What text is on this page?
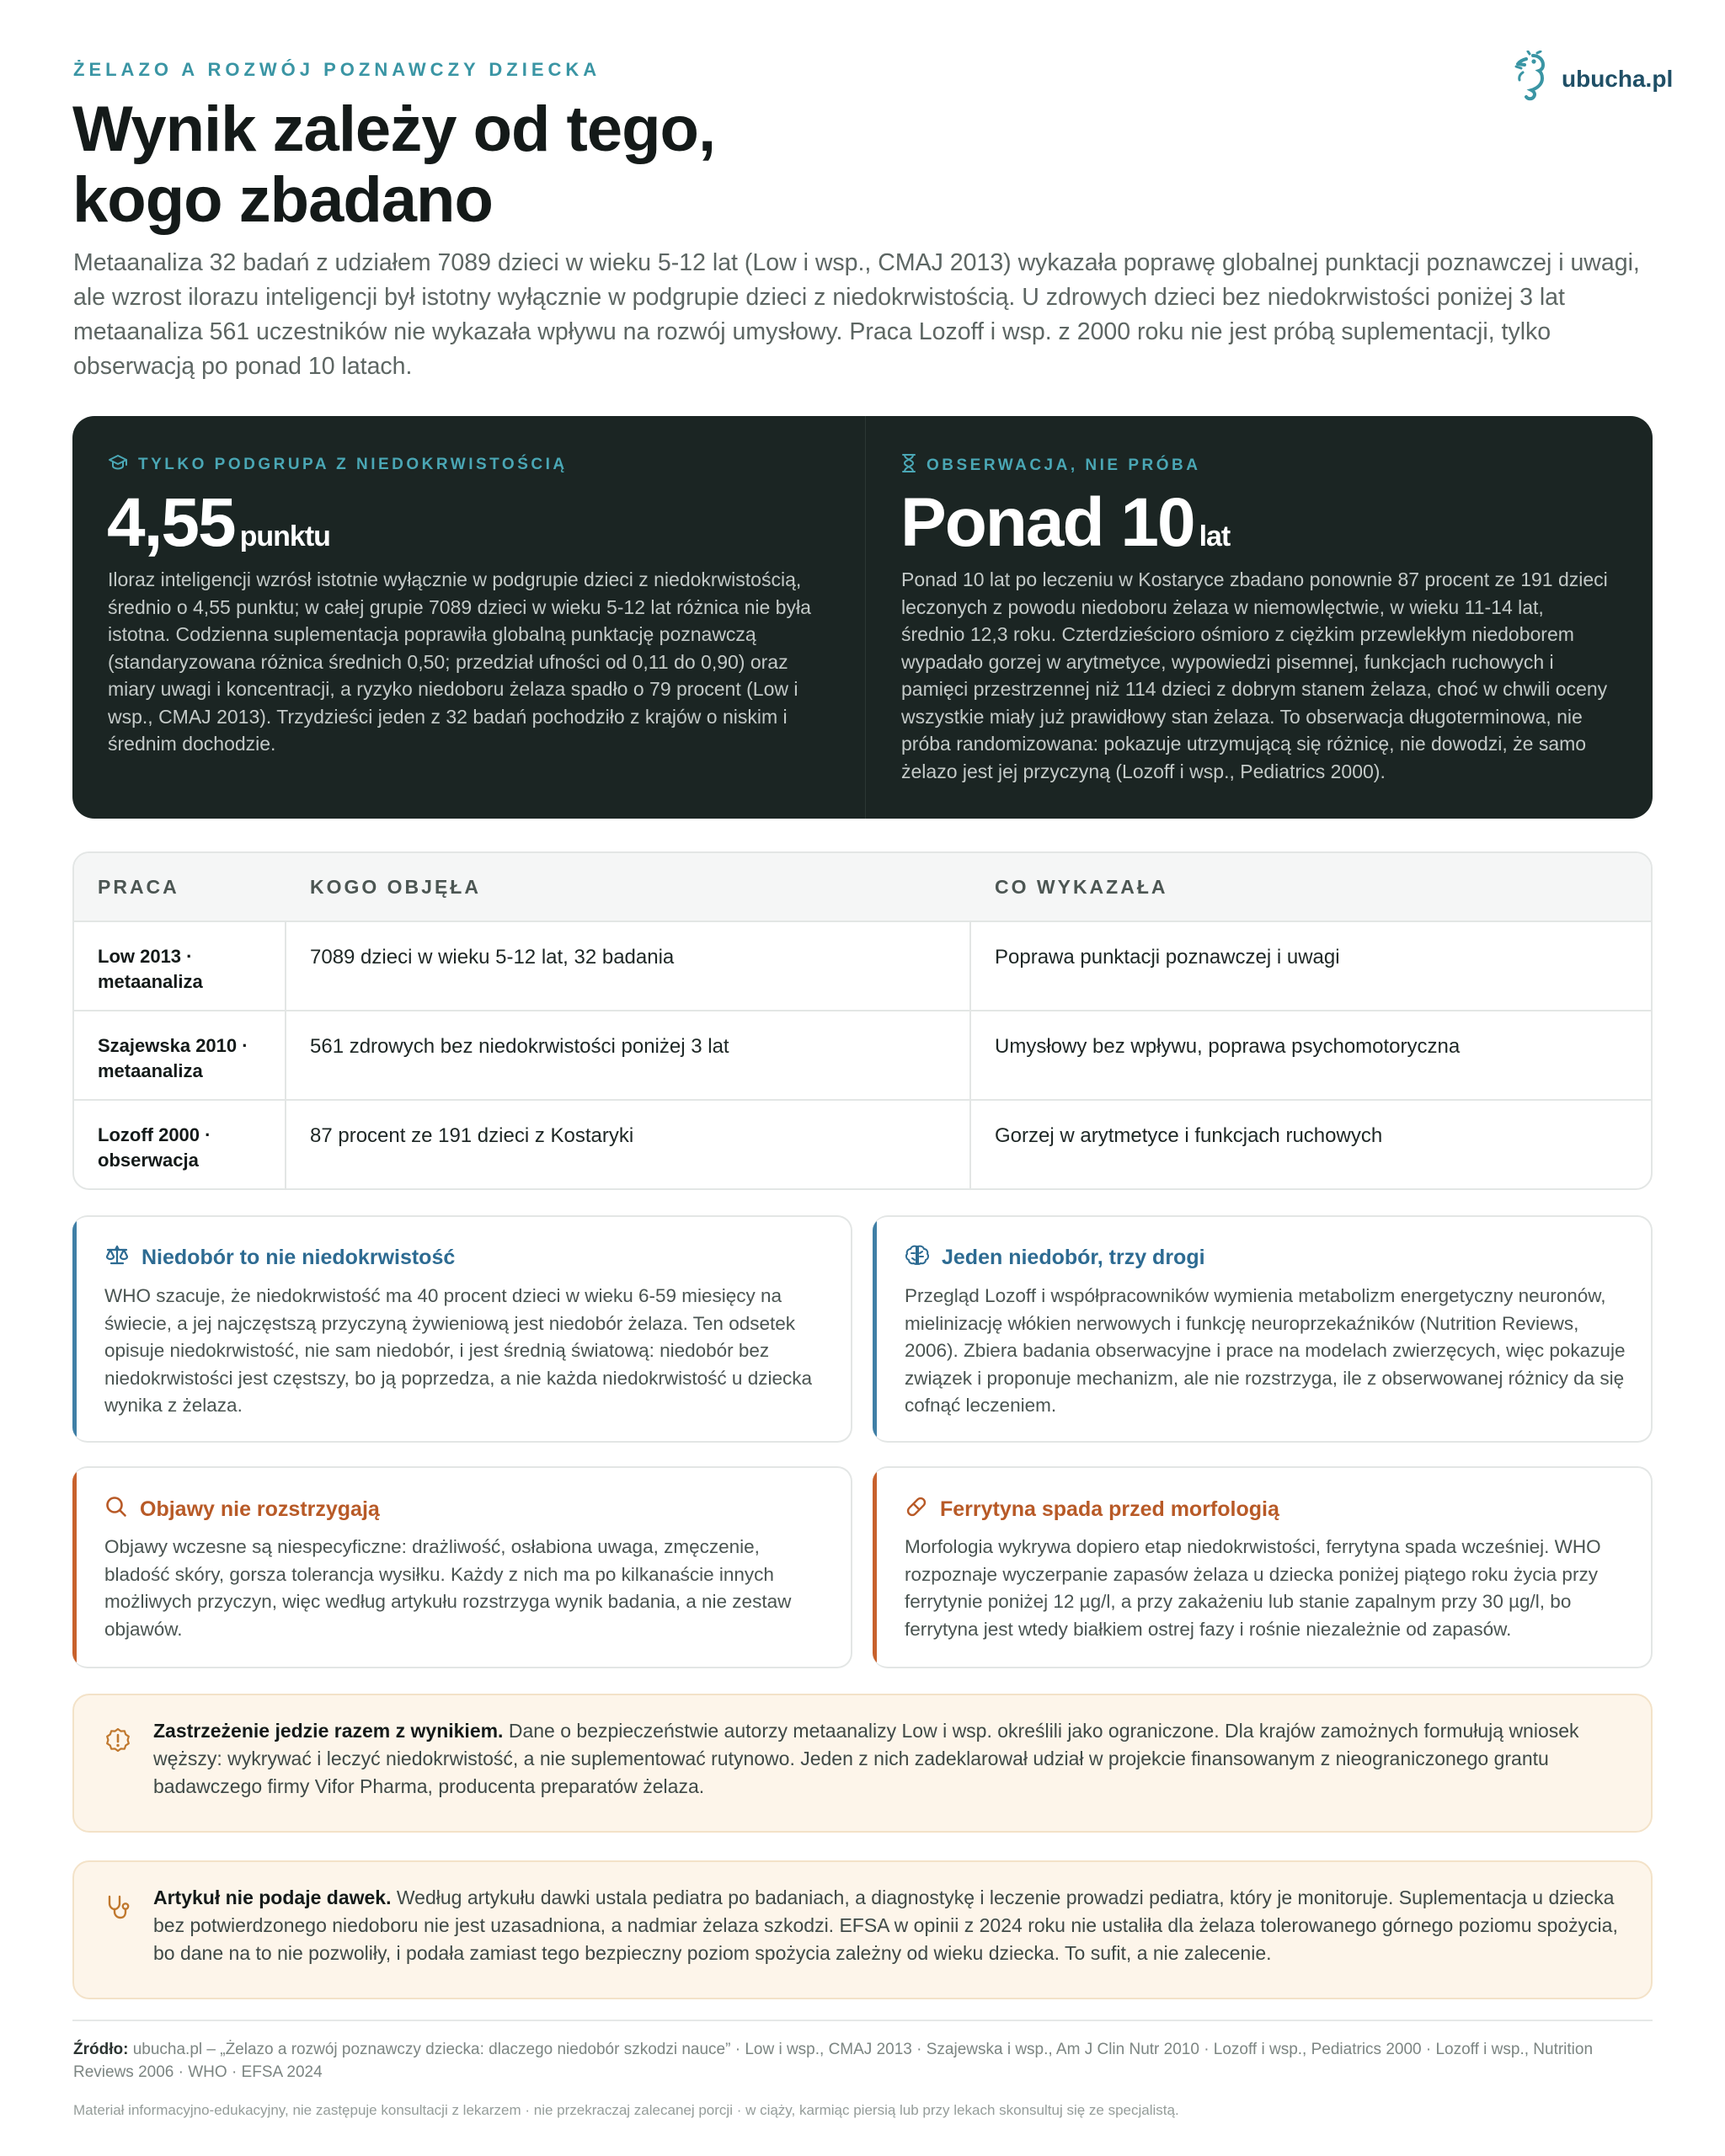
ŻELAZO A ROZWÓJ POZNAWCZY DZIECKA	ubucha.pl
Wynik zależy od tego,
kogo zbadano

Metaanaliza 32 badań z udziałem 7089 dzieci w wieku 5-12 lat (Low i wsp., CMAJ 2013) wykazała poprawę globalnej punktacji poznawczej i uwagi, ale wzrost ilorazu inteligencji był istotny wyłącznie w podgrupie dzieci z niedokrwistością. U zdrowych dzieci bez niedokrwistości poniżej 3 lat metaanaliza 561 uczestników nie wykazała wpływu na rozwój umysłowy. Praca Lozoff i wsp. z 2000 roku nie jest próbą suplementacji, tylko obserwacją po ponad 10 latach.

TYLKO PODGRUPA Z NIEDOKRWISTOŚCIĄ
4,55 punktu

Iloraz inteligencji wzrósł istotnie wyłącznie w podgrupie dzieci z niedokrwistością, średnio o 4,55 punktu; w całej grupie 7089 dzieci w wieku 5-12 lat różnica nie była istotna. Codzienna suplementacja poprawiła globalną punktację poznawczą (standaryzowana różnica średnich 0,50; przedział ufności od 0,11 do 0,90) oraz miary uwagi i koncentracji, a ryzyko niedoboru żelaza spadło o 79 procent (Low i wsp., CMAJ 2013). Trzydzieści jeden z 32 badań pochodziło z krajów o niskim i średnim dochodzie.

OBSERWACJA, NIE PRÓBA
Ponad 10 lat

Ponad 10 lat po leczeniu w Kostaryce zbadano ponownie 87 procent ze 191 dzieci leczonych z powodu niedoboru żelaza w niemowlęctwie, w wieku 11-14 lat, średnio 12,3 roku. Czterdzieścioro ośmioro z ciężkim przewlekłym niedoborem wypadało gorzej w arytmetyce, wypowiedzi pisemnej, funkcjach ruchowych i pamięci przestrzennej niż 114 dzieci z dobrym stanem żelaza, choć w chwili oceny wszystkie miały już prawidłowy stan żelaza. To obserwacja długoterminowa, nie próba randomizowana: pokazuje utrzymującą się różnicę, nie dowodzi, że samo żelazo jest jej przyczyną (Lozoff i wsp., Pediatrics 2000).

PRACA	KOGO OBJĘŁA	CO WYKAZAŁA
Low 2013 ·
metaanaliza
7089 dzieci w wieku 5-12 lat, 32 badania	Poprawa punktacji poznawczej i uwagi
Szajewska 2010 ·
metaanaliza
561 zdrowych bez niedokrwistości poniżej 3 lat	Umysłowy bez wpływu, poprawa psychomotoryczna
Lozoff 2000 ·
obserwacja
87 procent ze 191 dzieci z Kostaryki	Gorzej w arytmetyce i funkcjach ruchowych
Niedobór to nie niedokrwistość

WHO szacuje, że niedokrwistość ma 40 procent dzieci w wieku 6-59 miesięcy na świecie, a jej najczęstszą przyczyną żywieniową jest niedobór żelaza. Ten odsetek opisuje niedokrwistość, nie sam niedobór, i jest średnią światową: niedobór bez niedokrwistości jest częstszy, bo ją poprzedza, a nie każda niedokrwistość u dziecka wynika z żelaza.

Jeden niedobór, trzy drogi

Przegląd Lozoff i współpracowników wymienia metabolizm energetyczny neuronów, mielinizację włókien nerwowych i funkcję neuroprzekaźników (Nutrition Reviews, 2006). Zbiera badania obserwacyjne i prace na modelach zwierzęcych, więc pokazuje związek i proponuje mechanizm, ale nie rozstrzyga, ile z obserwowanej różnicy da się cofnąć leczeniem.

Objawy nie rozstrzygają

Objawy wczesne są niespecyficzne: drażliwość, osłabiona uwaga, zmęczenie, bladość skóry, gorsza tolerancja wysiłku. Każdy z nich ma po kilkanaście innych możliwych przyczyn, więc według artykułu rozstrzyga wynik badania, a nie zestaw objawów.

Ferrytyna spada przed morfologią

Morfologia wykrywa dopiero etap niedokrwistości, ferrytyna spada wcześniej. WHO rozpoznaje wyczerpanie zapasów żelaza u dziecka poniżej piątego roku życia przy ferrytynie poniżej 12 µg/l, a przy zakażeniu lub stanie zapalnym przy 30 µg/l, bo ferrytyna jest wtedy białkiem ostrej fazy i rośnie niezależnie od zapasów.

Zastrzeżenie jedzie razem z wynikiem. Dane o bezpieczeństwie autorzy metaanalizy Low i wsp. określili jako ograniczone. Dla krajów zamożnych formułują wniosek węższy: wykrywać i leczyć niedokrwistość, a nie suplementować rutynowo. Jeden z nich zadeklarował udział w projekcie finansowanym z nieograniczonego grantu badawczego firmy Vifor Pharma, producenta preparatów żelaza.

Artykuł nie podaje dawek. Według artykułu dawki ustala pediatra po badaniach, a diagnostykę i leczenie prowadzi pediatra, który je monitoruje. Suplementacja u dziecka bez potwierdzonego niedoboru nie jest uzasadniona, a nadmiar żelaza szkodzi. EFSA w opinii z 2024 roku nie ustaliła dla żelaza tolerowanego górnego poziomu spożycia, bo dane na to nie pozwoliły, i podała zamiast tego bezpieczny poziom spożycia zależny od wieku dziecka. To sufit, a nie zalecenie.

Źródło: ubucha.pl – „Żelazo a rozwój poznawczy dziecka: dlaczego niedobór szkodzi nauce” · Low i wsp., CMAJ 2013 · Szajewska i wsp., Am J Clin Nutr 2010 · Lozoff i wsp., Pediatrics 2000 · Lozoff i wsp., Nutrition Reviews 2006 · WHO · EFSA 2024

Materiał informacyjno-edukacyjny, nie zastępuje konsultacji z lekarzem · nie przekraczaj zalecanej porcji · w ciąży, karmiąc piersią lub przy lekach skonsultuj się ze specjalistą.
